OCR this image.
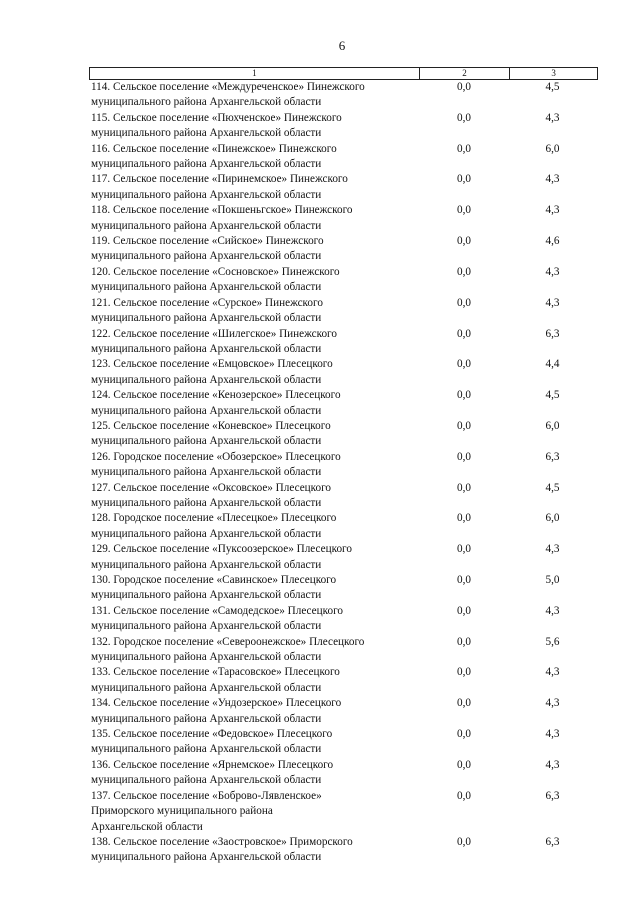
6
1	2	3
114. Сельское поселение «Междуреченское» Пинежского
муниципального района Архангельской области
0,0	4,5
115. Сельское поселение «Пюхченское» Пинежского
муниципального района Архангельской области
0,0	4,3
116. Сельское поселение «Пинежское» Пинежского
муниципального района Архангельской области
0,0	6,0
117. Сельское поселение «Пиринемское» Пинежского
муниципального района Архангельской области
0,0	4,3
118. Сельское поселение «Покшеньгское» Пинежского
муниципального района Архангельской области
0,0	4,3
119. Сельское поселение «Сийское» Пинежского
муниципального района Архангельской области
0,0	4,6
120. Сельское поселение «Сосновское» Пинежского
муниципального района Архангельской области
0,0	4,3
121. Сельское поселение «Сурское» Пинежского
муниципального района Архангельской области
0,0	4,3
122. Сельское поселение «Шилегское» Пинежского
муниципального района Архангельской области
0,0	6,3
123. Сельское поселение «Емцовское» Плесецкого
муниципального района Архангельской области
0,0	4,4
124. Сельское поселение «Кенозерское» Плесецкого
муниципального района Архангельской области
0,0	4,5
125. Сельское поселение «Коневское» Плесецкого
муниципального района Архангельской области
0,0	6,0
126. Городское поселение «Обозерское» Плесецкого
муниципального района Архангельской области
0,0	6,3
127. Сельское поселение «Оксовское» Плесецкого
муниципального района Архангельской области
0,0	4,5
128. Городское поселение «Плесецкое» Плесецкого
муниципального района Архангельской области
0,0	6,0
129. Сельское поселение «Пуксоозерское» Плесецкого
муниципального района Архангельской области
0,0	4,3
130. Городское поселение «Савинское» Плесецкого
муниципального района Архангельской области
0,0	5,0
131. Сельское поселение «Самодедское» Плесецкого
муниципального района Архангельской области
0,0	4,3
132. Городское поселение «Североонежское» Плесецкого
муниципального района Архангельской области
0,0	5,6
133. Сельское поселение «Тарасовское» Плесецкого
муниципального района Архангельской области
0,0	4,3
134. Сельское поселение «Ундозерское» Плесецкого
муниципального района Архангельской области
0,0	4,3
135. Сельское поселение «Федовское» Плесецкого
муниципального района Архангельской области
0,0	4,3
136. Сельское поселение «Ярнемское» Плесецкого
муниципального района Архангельской области
0,0	4,3
137. Сельское поселение «Боброво-Лявленское»
Приморского муниципального района
Архангельской области
0,0	6,3
138. Сельское поселение «Заостровское» Приморского
муниципального района Архангельской области
0,0	6,3
